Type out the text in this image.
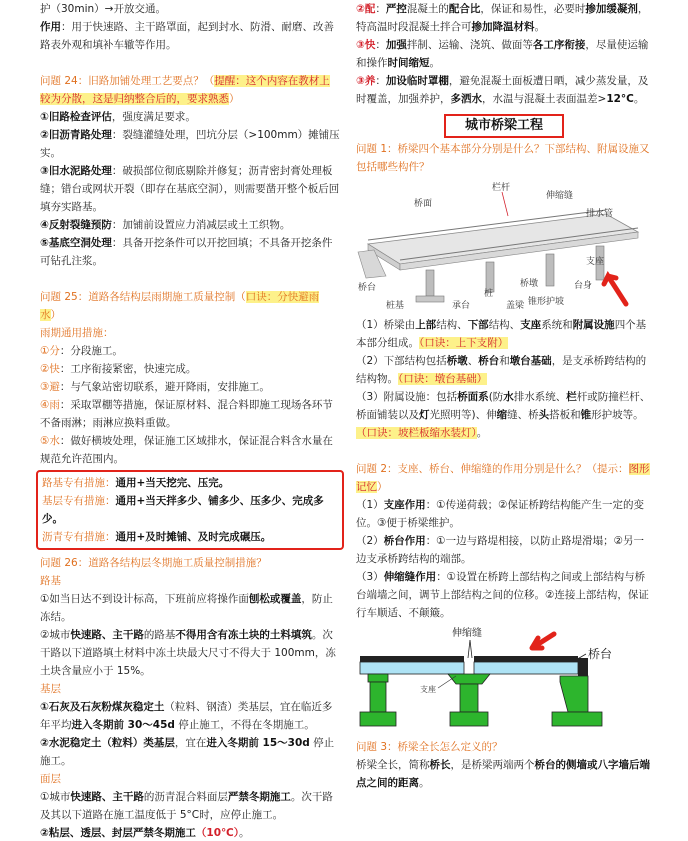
护（30min）→开放交通。

作用：用于快速路、主干路罩面，起到封水、防滑、耐磨、改善路表外观和填补车辙等作用。

问题 24：旧路加铺处理工艺要点？（提醒：这个内容在教材上较为分散，这是归纳整合后的，要求熟悉）

①旧路检查评估，强度满足要求。

②旧沥青路处理：裂缝灌缝处理，凹坑分层（>100mm）摊铺压实。

③旧水泥路处理：破损部位彻底剔除并修复；沥青密封膏处理板缝；错台或网状开裂（即存在基底空洞），则需要凿开整个板后回填夯实路基。

④反射裂缝预防：加铺前设置应力消减层或土工织物。

⑤基底空洞处理：具备开挖条件可以开挖回填；不具备开挖条件可钻孔注浆。

问题 25：道路各结构层雨期施工质量控制（口诀：分快避雨水）

雨期通用措施：

①分：分段施工。

②快：工序衔接紧密，快速完成。

③避：与气象站密切联系，避开降雨，安排施工。

④雨：采取罩棚等措施，保证原材料、混合料即施工现场各环节不备雨淋；雨淋应换料重做。

⑤水：做好横坡处理，保证施工区域排水，保证混合料含水量在规范允许范围内。

路基专有措施：通用+当天挖完、压完。

基层专有措施：通用+当天拌多少、铺多少、压多少、完成多少。

沥青专有措施：通用+及时摊铺、及时完成碾压。

问题 26：道路各结构层冬期施工质量控制措施？

路基

①如当日达不到设计标高，下班前应将操作面刨松或覆盖，防止冻结。

②城市快速路、主干路的路基不得用含有冻土块的土料填筑。次干路以下道路填土材料中冻土块最大尺寸不得大于 100mm，冻土块含量应小于 15%。

基层

①石灰及石灰粉煤灰稳定土（粒料、钢渣）类基层，宜在临近多年平均进入冬期前 30～45d 停止施工，不得在冬期施工。

②水泥稳定土（粒料）类基层，宜在进入冬期前 15～30d 停止施工。

面层

①城市快速路、主干路的沥青混合料面层严禁冬期施工。次干路及其以下道路在施工温度低于 5°C时，应停止施工。

②粘层、透层、封层严禁冬期施工（10℃）。

②配：严控混凝土的配合比，保证和易性，必要时掺加缓凝剂，特高温时段混凝土拌合可掺加降温材料。

③快：加强拌制、运输、浇筑、做面等各工序衔接，尽量使运输和操作时间缩短。

③养：加设临时罩棚，避免混凝土面板遭日晒，减少蒸发量，及时覆盖，加强养护，多洒水，水温与混凝土表面温差>12°C。

城市桥梁工程

问题 1：桥梁四个基本部分分别是什么？下部结构、附属设施又包括哪些构件？

栏杆
桥面
伸缩缝
排水管
桥墩	台身
桥台
承台
桩基
支座
锥形护坡
盖梁
桩

（1）桥梁由上部结构、下部结构、支座系统和附属设施四个基本部分组成。（口诀：上下支附）

（2）下部结构包括桥墩、桥台和墩台基础，是支承桥跨结构的结构物。（口诀：墩台基础）

（3）附属设施：包括桥面系(防水排水系统、栏杆或防撞栏杆、桥面铺装以及灯光照明等)、伸缩缝、桥头搭板和锥形护坡等。（口诀：坡栏板缩水装灯）。

问题 2：支座、桥台、伸缩缝的作用分别是什么？（提示：图形记忆）

（1）支座作用：①传递荷载；②保证桥跨结构能产生一定的变位。③便于桥梁维护。

（2）桥台作用：①一边与路堤相接，以防止路堤滑塌；②另一边支承桥跨结构的端部。

（3）伸缩缝作用：①设置在桥跨上部结构之间或上部结构与桥台端墙之间，调节上部结构之间的位移。②连接上部结构，保证行车顺适、不颠簸。

伸缩缝
桥台
支座

问题 3：桥梁全长怎么定义的？

桥梁全长，简称桥长，是桥梁两端两个桥台的侧墙或八字墙后端点之间的距离。
